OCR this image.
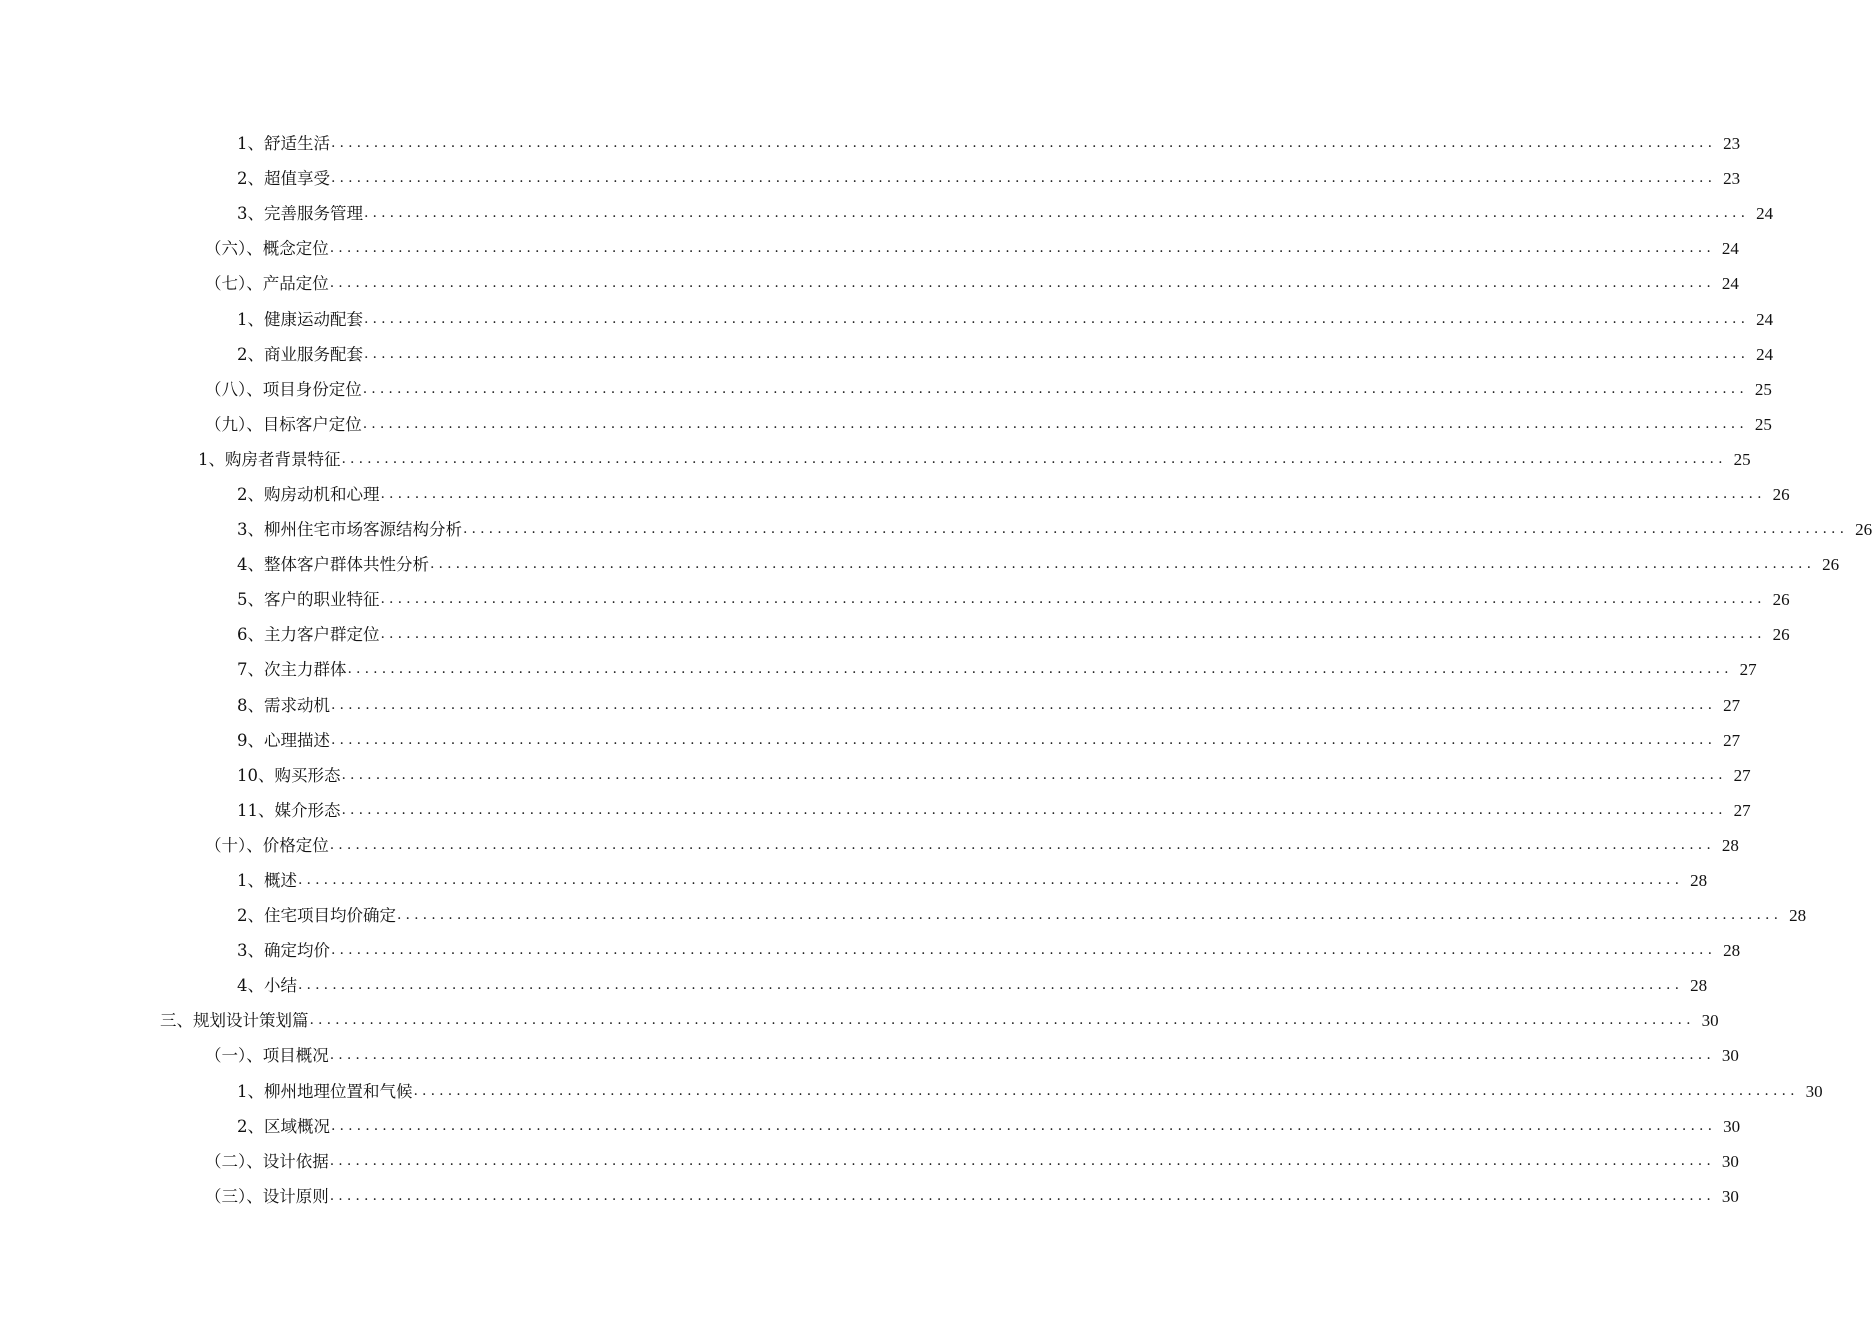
1、舒适生活 .................................................................................................................................................................. 23
2、超值享受 .................................................................................................................................................................. 23
3、完善服务管理 .................................................................................................................................................................. 24
（六）、概念定位 .................................................................................................................................................................. 24
（七）、产品定位 .................................................................................................................................................................. 24
1、健康运动配套 .................................................................................................................................................................. 24
2、商业服务配套 .................................................................................................................................................................. 24
（八）、项目身份定位 .................................................................................................................................................................. 25
（九）、目标客户定位 .................................................................................................................................................................. 25
1、购房者背景特征 .................................................................................................................................................................. 25
2、购房动机和心理 .................................................................................................................................................................. 26
3、柳州住宅市场客源结构分析 .................................................................................................................................................................. 26
4、整体客户群体共性分析 .................................................................................................................................................................. 26
5、客户的职业特征 .................................................................................................................................................................. 26
6、主力客户群定位 .................................................................................................................................................................. 26
7、次主力群体 .................................................................................................................................................................. 27
8、需求动机 .................................................................................................................................................................. 27
9、心理描述 .................................................................................................................................................................. 27
10、购买形态 .................................................................................................................................................................. 27
11、媒介形态 .................................................................................................................................................................. 27
（十）、价格定位 .................................................................................................................................................................. 28
1、概述 .................................................................................................................................................................. 28
2、住宅项目均价确定 .................................................................................................................................................................. 28
3、确定均价 .................................................................................................................................................................. 28
4、小结 .................................................................................................................................................................. 28
三、规划设计策划篇 .................................................................................................................................................................. 30
（一）、项目概况 .................................................................................................................................................................. 30
1、柳州地理位置和气候 .................................................................................................................................................................. 30
2、区域概况 .................................................................................................................................................................. 30
（二）、设计依据 .................................................................................................................................................................. 30
（三）、设计原则 .................................................................................................................................................................. 30
